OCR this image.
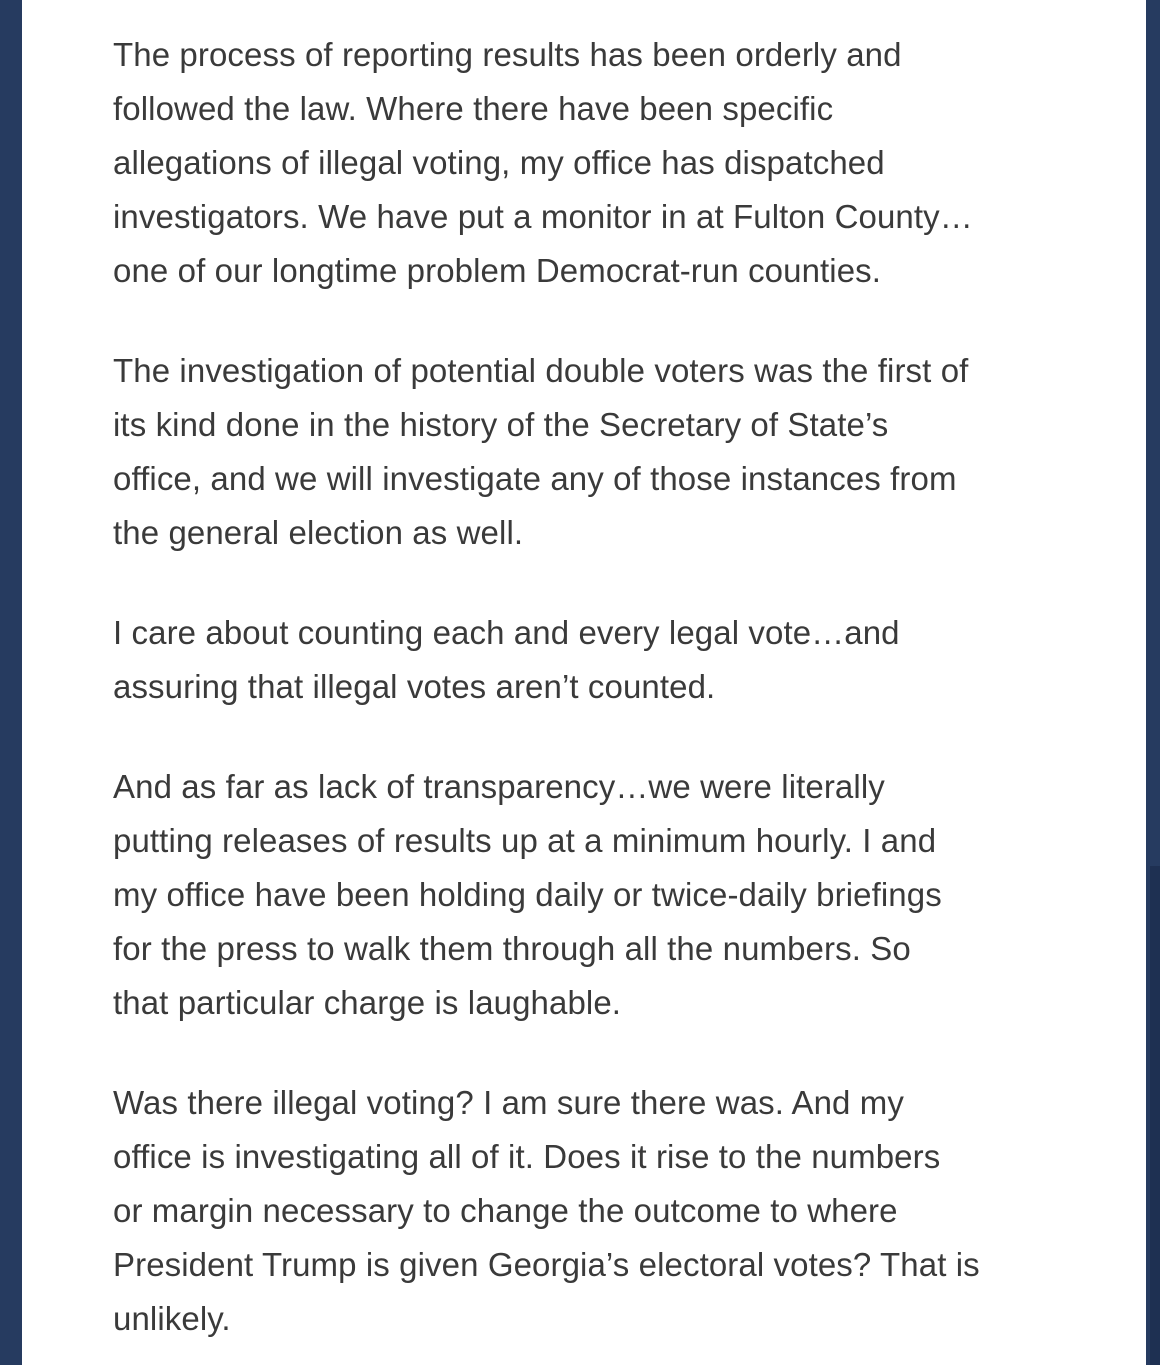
The process of reporting results has been orderly and
followed the law. Where there have been specific
allegations of illegal voting, my office has dispatched
investigators. We have put a monitor in at Fulton County…
one of our longtime problem Democrat-run counties.

The investigation of potential double voters was the first of
its kind done in the history of the Secretary of State’s
office, and we will investigate any of those instances from
the general election as well.

I care about counting each and every legal vote…and
assuring that illegal votes aren’t counted.

And as far as lack of transparency…we were literally
putting releases of results up at a minimum hourly. I and
my office have been holding daily or twice-daily briefings
for the press to walk them through all the numbers. So
that particular charge is laughable.

Was there illegal voting? I am sure there was. And my
office is investigating all of it. Does it rise to the numbers
or margin necessary to change the outcome to where
President Trump is given Georgia’s electoral votes? That is
unlikely.
